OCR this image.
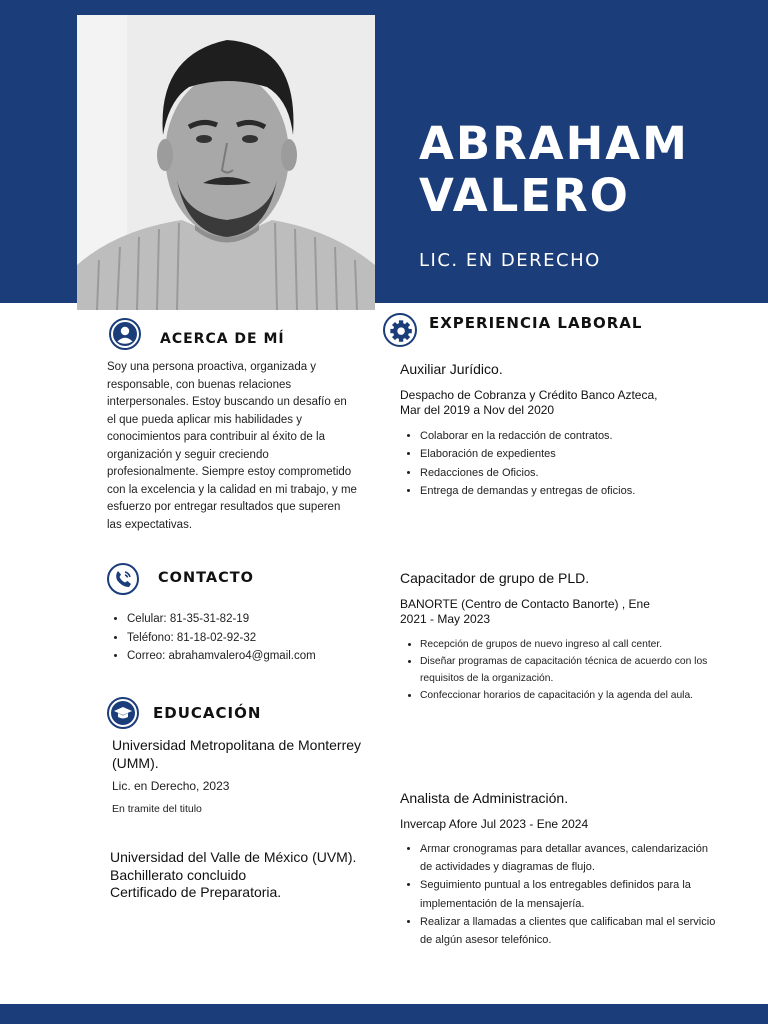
ABRAHAM
VALERO
LIC. EN DERECHO
ACERCA DE MÍ
Soy una persona proactiva, organizada y responsable, con buenas relaciones interpersonales. Estoy buscando un desafío en el que pueda aplicar mis habilidades y conocimientos para contribuir al éxito de la organización y seguir creciendo profesionalmente. Siempre estoy comprometido con la excelencia y la calidad en mi trabajo, y me esfuerzo por entregar resultados que superen las expectativas.
CONTACTO
• Celular: 81-35-31-82-19
• Teléfono: 81-18-02-92-32
• Correo: abrahamvalero4@gmail.com
EDUCACIÓN
Universidad Metropolitana de Monterrey (UMM).
Lic. en Derecho, 2023
En tramite del titulo
Universidad del Valle de México (UVM).
Bachillerato concluido
Certificado de Preparatoria.
EXPERIENCIA LABORAL
Auxiliar Jurídico.
Despacho de Cobranza y Crédito Banco Azteca, Mar del 2019 a Nov del 2020
• Colaborar en la redacción de contratos.
• Elaboración de expedientes
• Redacciones de Oficios.
• Entrega de demandas y entregas de oficios.
Capacitador de grupo de PLD.
BANORTE (Centro de Contacto Banorte) , Ene 2021 - May 2023
• Recepción de grupos de nuevo ingreso al call center.
• Diseñar programas de capacitación técnica de acuerdo con los requisitos de la organización.
• Confeccionar horarios de capacitación y la agenda del aula.
Analista de Administración.
Invercap Afore Jul 2023 - Ene 2024
• Armar cronogramas para detallar avances, calendarización de actividades y diagramas de flujo.
• Seguimiento puntual a los entregables definidos para la implementación de la mensajería.
• Realizar a llamadas a clientes que calificaban mal el servicio de algún asesor telefónico.
